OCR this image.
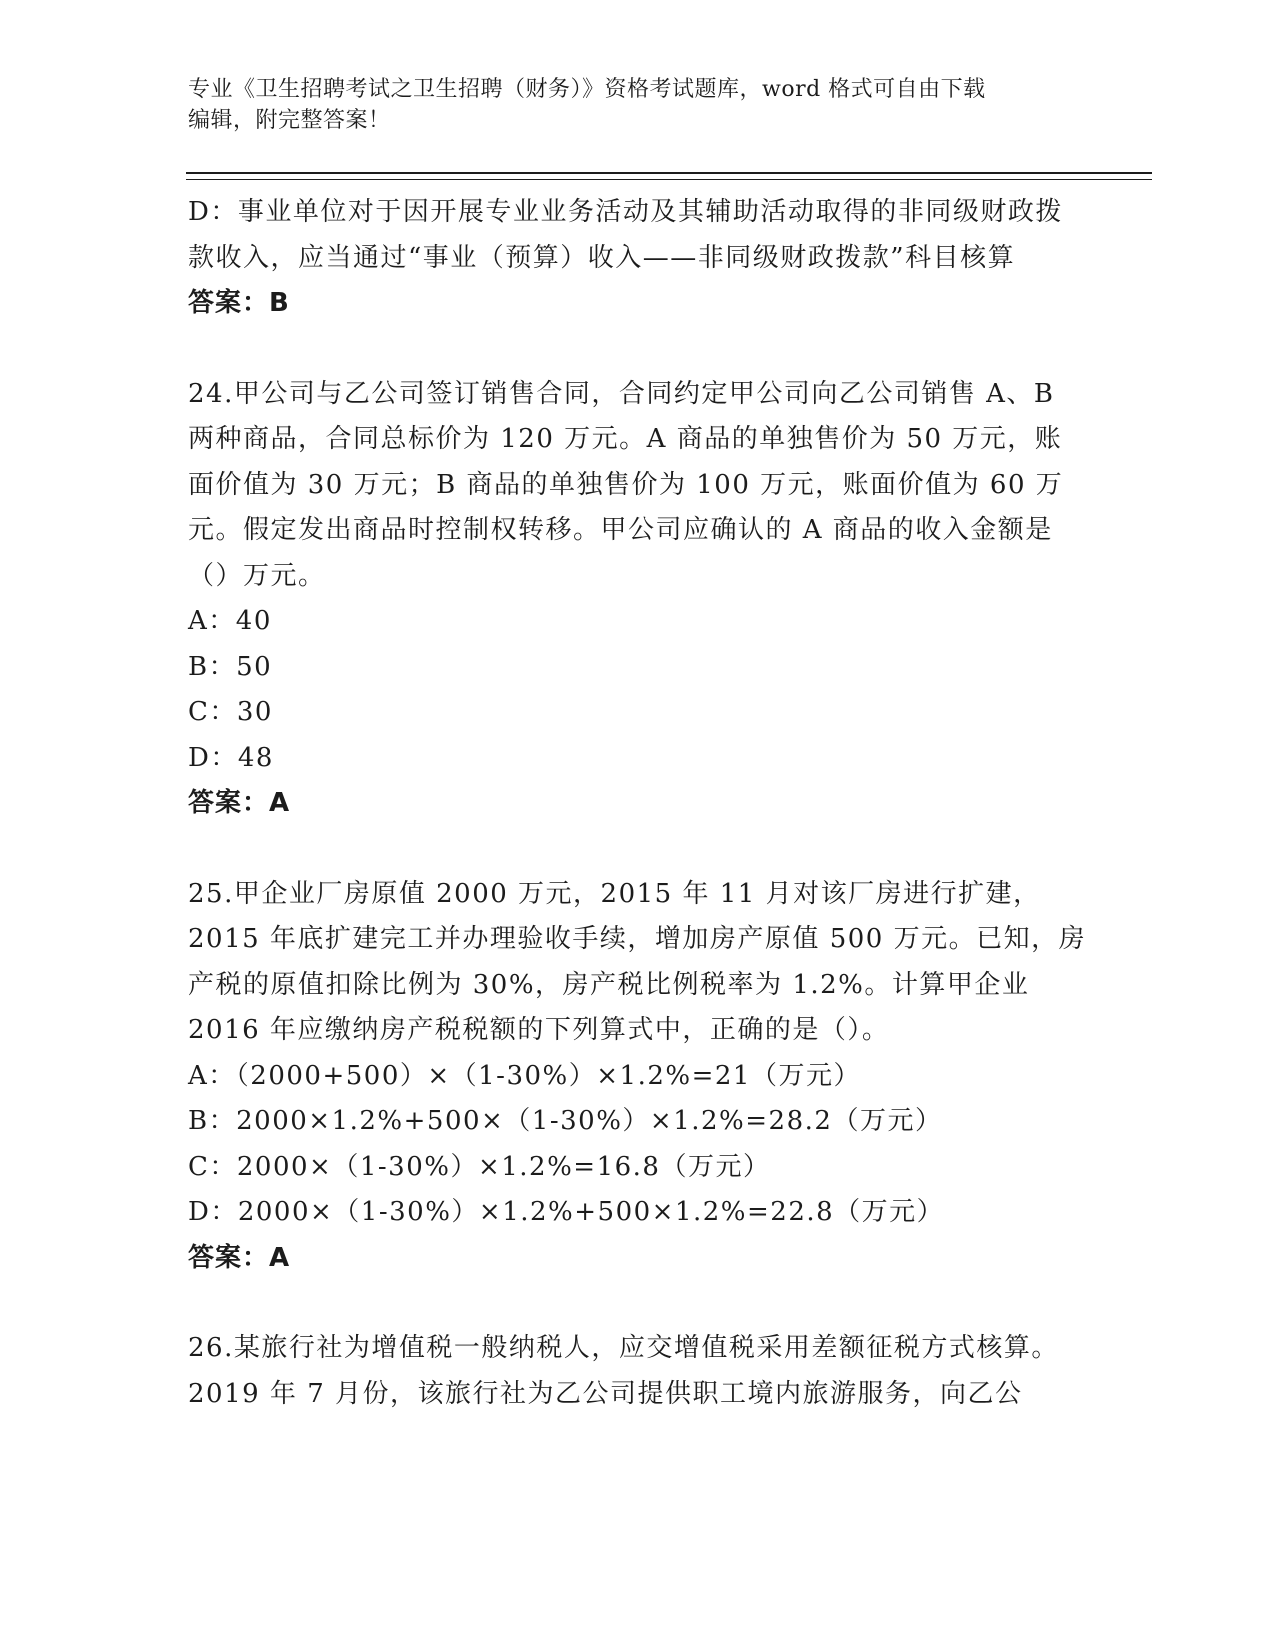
专业《卫生招聘考试之卫生招聘（财务）》资格考试题库，word 格式可自由下载
编辑，附完整答案！

D：事业单位对于因开展专业业务活动及其辅助活动取得的非同级财政拨款收入，应当通过“事业（预算）收入——非同级财政拨款”科目核算

答案：B

24.甲公司与乙公司签订销售合同，合同约定甲公司向乙公司销售 A、B 两种商品，合同总标价为 120 万元。A 商品的单独售价为 50 万元，账面价值为 30 万元；B 商品的单独售价为 100 万元，账面价值为 60 万元。假定发出商品时控制权转移。甲公司应确认的 A 商品的收入金额是（）万元。

A：40

B：50

C：30

D：48

答案：A

25.甲企业厂房原值 2000 万元，2015 年 11 月对该厂房进行扩建，2015 年底扩建完工并办理验收手续，增加房产原值 500 万元。已知，房产税的原值扣除比例为 30%，房产税比例税率为 1.2%。计算甲企业 2016 年应缴纳房产税税额的下列算式中，正确的是（）。

A：（2000+500）×（1-30%）×1.2%=21（万元）

B：2000×1.2%+500×（1-30%）×1.2%=28.2（万元）

C：2000×（1-30%）×1.2%=16.8（万元）

D：2000×（1-30%）×1.2%+500×1.2%=22.8（万元）

答案：A

26.某旅行社为增值税一般纳税人，应交增值税采用差额征税方式核算。2019 年 7 月份，该旅行社为乙公司提供职工境内旅游服务，向乙公
